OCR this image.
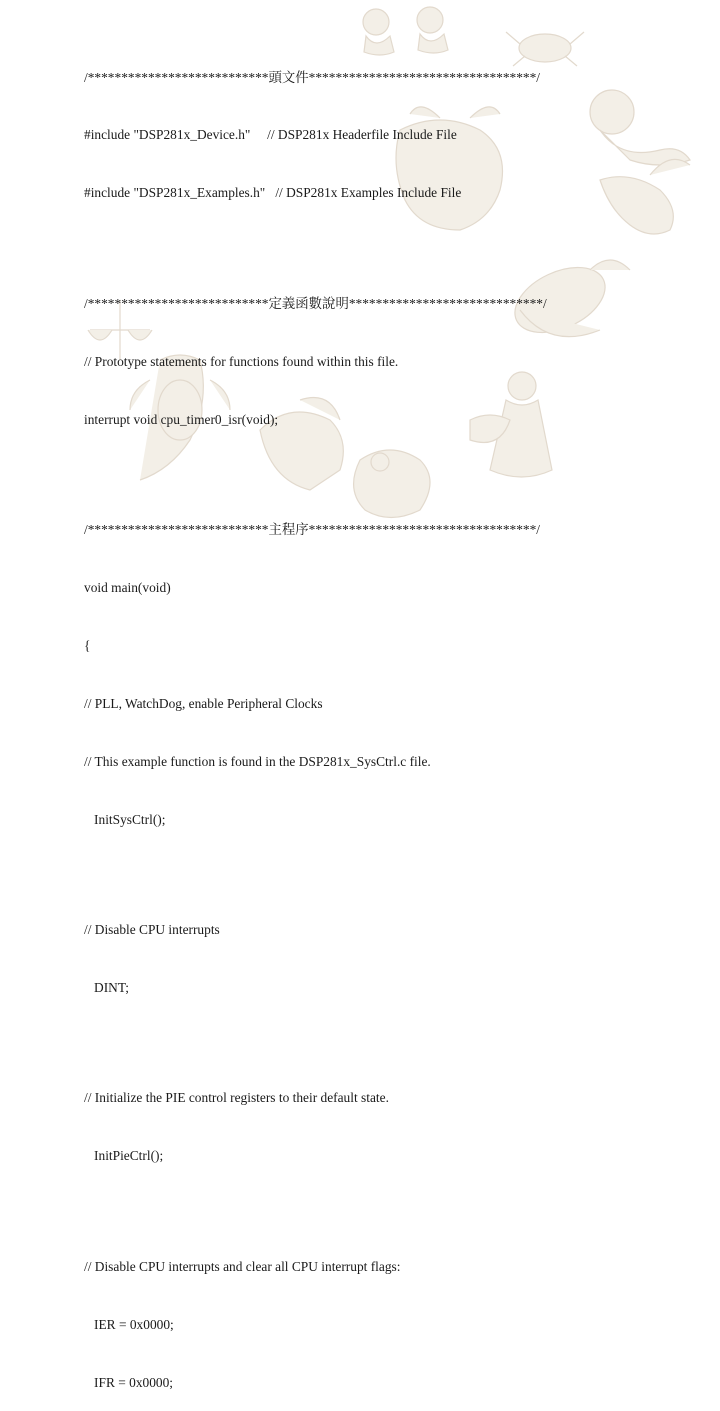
/***************************頭文件**********************************/

#include "DSP281x_Device.h"     // DSP281x Headerfile Include File

#include "DSP281x_Examples.h"   // DSP281x Examples Include File

/***************************定義函數說明*****************************/

// Prototype statements for functions found within this file.

interrupt void cpu_timer0_isr(void);

/***************************主程序**********************************/

void main(void)

{

// PLL, WatchDog, enable Peripheral Clocks

// This example function is found in the DSP281x_SysCtrl.c file.

InitSysCtrl();

// Disable CPU interrupts

DINT;

// Initialize the PIE control registers to their default state.

InitPieCtrl();

// Disable CPU interrupts and clear all CPU interrupt flags:

IER = 0x0000;

IFR = 0x0000;
